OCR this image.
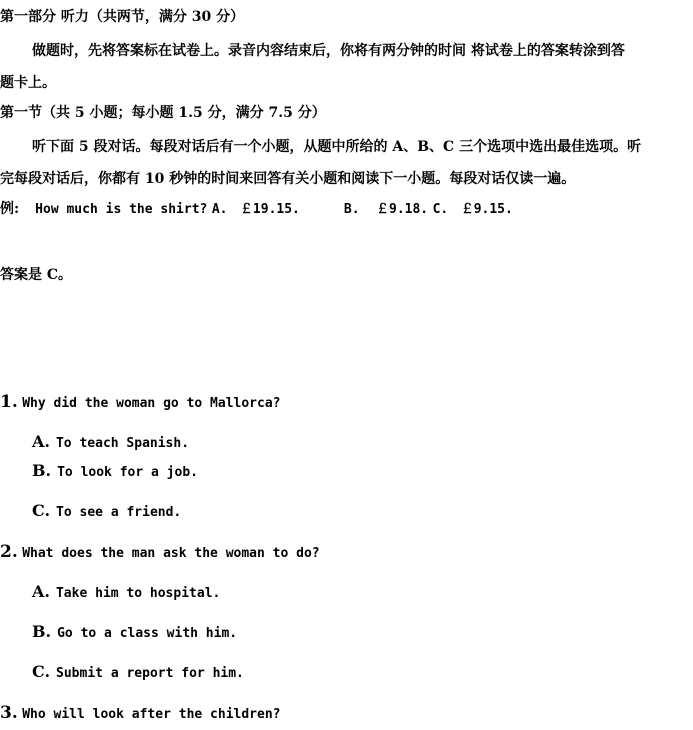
第一部分 听力（共两节，满分 30 分）
做题时，先将答案标在试卷上。录音内容结束后，你将有两分钟的时间 将试卷上的答案转涂到答
题卡上。
第一节（共 5 小题；每小题 1.5 分，满分 7.5 分）
听下面 5 段对话。每段对话后有一个小题，从题中所给的 A、B、C 三个选项中选出最佳选项。听
完每段对话后，你都有 10 秒钟的时间来回答有关小题和阅读下一小题。每段对话仅读一遍。
例: How much is the shirt? A. ￡19.15.	B. ￡9.18. C. ￡9.15.
答案是 C。
1. Why did the woman go to Mallorca?
A. To teach Spanish.
B. To look for a job.
C. To see a friend.
2. What does the man ask the woman to do?
A. Take him to hospital.
B. Go to a class with him.
C. Submit a report for him.
3. Who will look after the children?
